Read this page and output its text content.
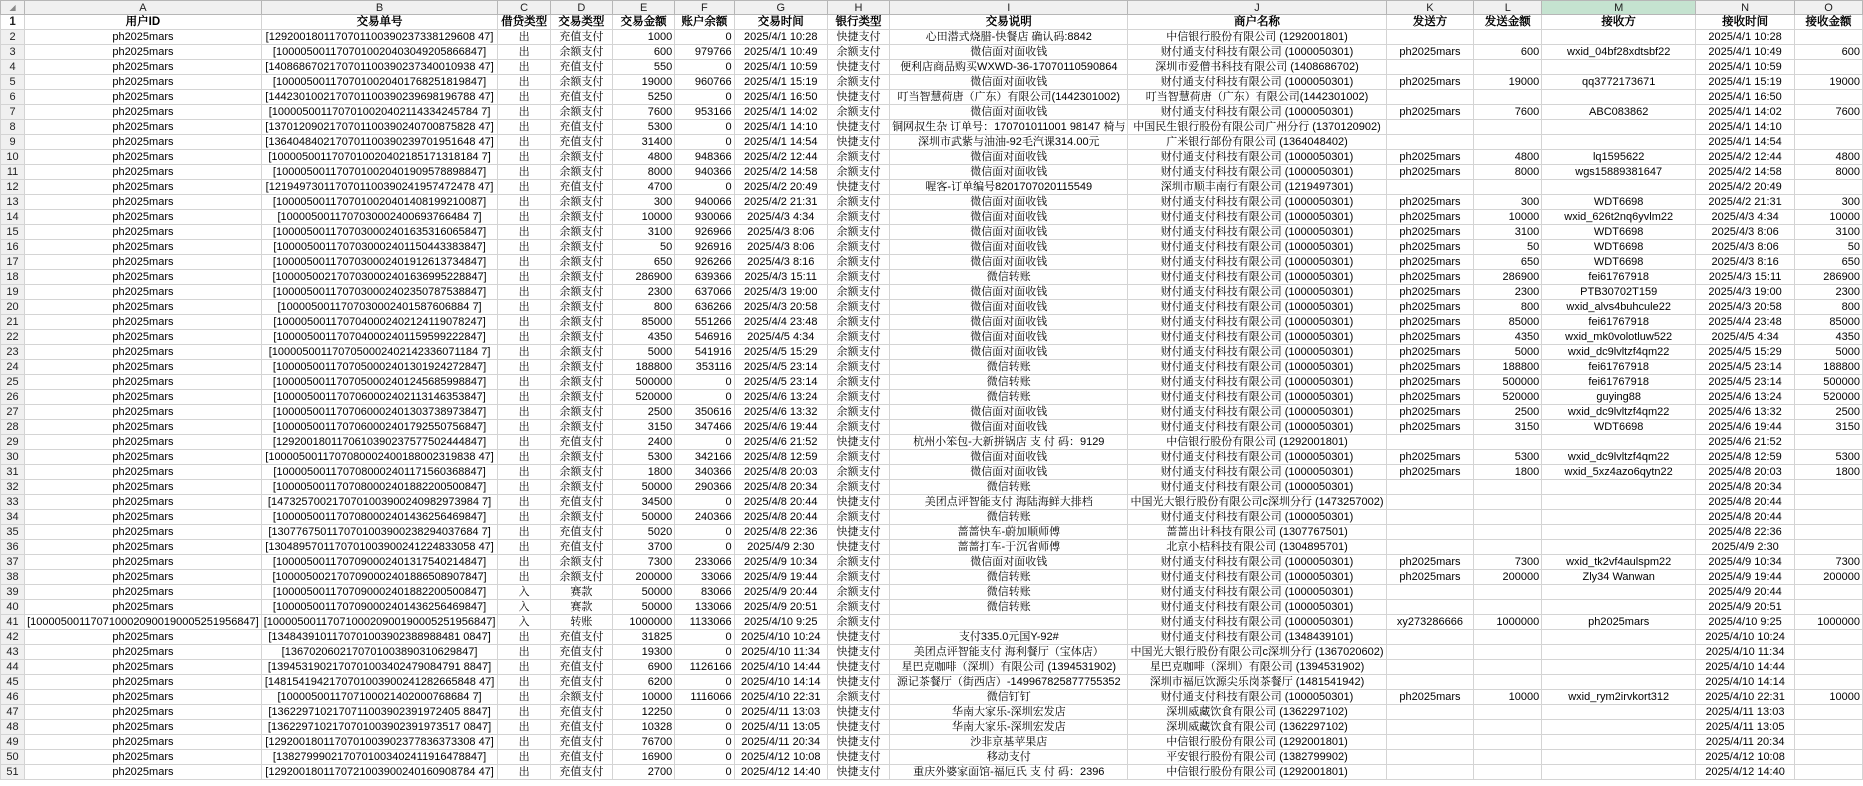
◢	A	B	C	D	E	F	G	H	I	J	K	L	M	N	O
1	用户ID	交易单号	借贷类型	交易类型	交易金额	账户余额	交易时间	银行类型	交易说明	商户名称	发送方	发送金额	接收方	接收时间	接收金额
2	ph2025mars	[1292001801170701100390237338129608 47]	出	充值支付	1000	0	2025/4/1 10:28	快捷支付	心田潜式烧腊-快餐店 确认码:8842	中信银行股份有限公司 (1292001801)				2025/4/1 10:28	
3	ph2025mars	[1000050011707010020403049205866847]	出	余额支付	600	979766	2025/4/1 10:49	余额支付	微信面对面收钱	财付通支付科技有限公司 (1000050301)	ph2025mars	600	wxid_04bf28xdtsbf22	2025/4/1 10:49	600
4	ph2025mars	[1408686702170701100390237340010938 47]	出	充值支付	550	0	2025/4/1 10:59	快捷支付	便利店商品购买WXWD-36-17070110590864	深圳市爱僧书科技有限公司 (1408686702)				2025/4/1 10:59	
5	ph2025mars	[1000050011707010020401768251819847]	出	余额支付	19000	960766	2025/4/1 15:19	余额支付	微信面对面收钱	财付通支付科技有限公司 (1000050301)	ph2025mars	19000	qq3772173671	2025/4/1 15:19	19000
6	ph2025mars	[1442301002170701100390239698196788 47]	出	充值支付	5250	0	2025/4/1 16:50	快捷支付	叮当智慧荷唐（广东）有限公司(1442301002)	叮当智慧荷唐（广东）有限公司(1442301002)				2025/4/1 16:50	
7	ph2025mars	[1000050011707010020402114334245784 7]	出	余额支付	7600	953166	2025/4/1 14:02	余额支付	微信面对面收钱	财付通支付科技有限公司 (1000050301)	ph2025mars	7600	ABC083862	2025/4/1 14:02	7600
8	ph2025mars	[1370120902170701100390240700875828 47]	出	充值支付	5300	0	2025/4/1 14:10	快捷支付	铜网叔生杂 订单号：170701011001 98147 椅与	中国民生银行股份有限公司广州分行 (1370120902)				2025/4/1 14:10	
9	ph2025mars	[1364048402170701100390239701951648 47]	出	充值支付	31400	0	2025/4/1 14:54	快捷支付	深圳市武紫与油油-92毛汽课314.00元	广米银行部份有限公司 (1364048402)				2025/4/1 14:54	
10	ph2025mars	[1000050011707010020402185171318184 7]	出	余额支付	4800	948366	2025/4/2 12:44	余额支付	微信面对面收钱	财付通支付科技有限公司 (1000050301)	ph2025mars	4800	lq1595622	2025/4/2 12:44	4800
11	ph2025mars	[1000050011707010020401909578898847]	出	余额支付	8000	940366	2025/4/2 14:58	余额支付	微信面对面收钱	财付通支付科技有限公司 (1000050301)	ph2025mars	8000	wgs15889381647	2025/4/2 14:58	8000
12	ph2025mars	[1219497301170701100390241957472478 47]	出	充值支付	4700	0	2025/4/2 20:49	快捷支付	喔客-订单编号8201707020115549	深圳市顺丰南行有限公司 (1219497301)				2025/4/2 20:49	
13	ph2025mars	[1000050011707010020401408199210087]	出	余额支付	300	940066	2025/4/2 21:31	余额支付	微信面对面收钱	财付通支付科技有限公司 (1000050301)	ph2025mars	300	WDT6698	2025/4/2 21:31	300
14	ph2025mars	[1000050011707030002400693766484 7]	出	余额支付	10000	930066	2025/4/3 4:34	余额支付	微信面对面收钱	财付通支付科技有限公司 (1000050301)	ph2025mars	10000	wxid_626t2nq6yvlm22	2025/4/3 4:34	10000
15	ph2025mars	[1000050011707030002401635316065847]	出	余额支付	3100	926966	2025/4/3 8:06	余额支付	微信面对面收钱	财付通支付科技有限公司 (1000050301)	ph2025mars	3100	WDT6698	2025/4/3 8:06	3100
16	ph2025mars	[1000050011707030002401150443383847]	出	余额支付	50	926916	2025/4/3 8:06	余额支付	微信面对面收钱	财付通支付科技有限公司 (1000050301)	ph2025mars	50	WDT6698	2025/4/3 8:06	50
17	ph2025mars	[1000050011707030002401912613734847]	出	余额支付	650	926266	2025/4/3 8:16	余额支付	微信面对面收钱	财付通支付科技有限公司 (1000050301)	ph2025mars	650	WDT6698	2025/4/3 8:16	650
18	ph2025mars	[1000050021707030002401636995228847]	出	余额支付	286900	639366	2025/4/3 15:11	余额支付	微信转账	财付通支付科技有限公司 (1000050301)	ph2025mars	286900	fei61767918	2025/4/3 15:11	286900
19	ph2025mars	[1000050011707030002402350787538847]	出	余额支付	2300	637066	2025/4/3 19:00	余额支付	微信面对面收钱	财付通支付科技有限公司 (1000050301)	ph2025mars	2300	PTB30702T159	2025/4/3 19:00	2300
20	ph2025mars	[1000050011707030002401587606884 7]	出	余额支付	800	636266	2025/4/3 20:58	余额支付	微信面对面收钱	财付通支付科技有限公司 (1000050301)	ph2025mars	800	wxid_alvs4buhcule22	2025/4/3 20:58	800
21	ph2025mars	[1000050011707040002402124119078247]	出	余额支付	85000	551266	2025/4/4 23:48	余额支付	微信面对面收钱	财付通支付科技有限公司 (1000050301)	ph2025mars	85000	fei61767918	2025/4/4 23:48	85000
22	ph2025mars	[1000050011707040002401159599222847]	出	余额支付	4350	546916	2025/4/5 4:34	余额支付	微信面对面收钱	财付通支付科技有限公司 (1000050301)	ph2025mars	4350	wxid_mk0volotluw522	2025/4/5 4:34	4350
23	ph2025mars	[1000050011707050002402142336071184 7]	出	余额支付	5000	541916	2025/4/5 15:29	余额支付	微信面对面收钱	财付通支付科技有限公司 (1000050301)	ph2025mars	5000	wxid_dc9lvltzf4qm22	2025/4/5 15:29	5000
24	ph2025mars	[1000050011707050002401301924272847]	出	余额支付	188800	353116	2025/4/5 23:14	余额支付	微信转账	财付通支付科技有限公司 (1000050301)	ph2025mars	188800	fei61767918	2025/4/5 23:14	188800
25	ph2025mars	[1000050011707050002401245685998847]	出	余额支付	500000	0	2025/4/5 23:14	余额支付	微信转账	财付通支付科技有限公司 (1000050301)	ph2025mars	500000	fei61767918	2025/4/5 23:14	500000
26	ph2025mars	[1000050011707060002402113146353847]	出	余额支付	520000	0	2025/4/6 13:24	余额支付	微信转账	财付通支付科技有限公司 (1000050301)	ph2025mars	520000	guying88	2025/4/6 13:24	520000
27	ph2025mars	[1000050011707060002401303738973847]	出	余额支付	2500	350616	2025/4/6 13:32	余额支付	微信面对面收钱	财付通支付科技有限公司 (1000050301)	ph2025mars	2500	wxid_dc9lvltzf4qm22	2025/4/6 13:32	2500
28	ph2025mars	[1000050011707060002401792550756847]	出	余额支付	3150	347466	2025/4/6 19:44	余额支付	微信面对面收钱	财付通支付科技有限公司 (1000050301)	ph2025mars	3150	WDT6698	2025/4/6 19:44	3150
29	ph2025mars	[1292001801170610390237577502444847]	出	充值支付	2400	0	2025/4/6 21:52	快捷支付	杭州小笨包-大新拼锅店 支 付 码：9129	中信银行股份有限公司 (1292001801)				2025/4/6 21:52	
30	ph2025mars	[1000050011707080002400188002319838 47]	出	余额支付	5300	342166	2025/4/8 12:59	余额支付	微信面对面收钱	财付通支付科技有限公司 (1000050301)	ph2025mars	5300	wxid_dc9lvltzf4qm22	2025/4/8 12:59	5300
31	ph2025mars	[1000050011707080002401171560368847]	出	余额支付	1800	340366	2025/4/8 20:03	余额支付	微信面对面收钱	财付通支付科技有限公司 (1000050301)	ph2025mars	1800	wxid_5xz4azo6qytn22	2025/4/8 20:03	1800
32	ph2025mars	[1000050011707080002401882200500847]	出	余额支付	50000	290366	2025/4/8 20:34	余额支付	微信转账	财付通支付科技有限公司 (1000050301)				2025/4/8 20:34	
33	ph2025mars	[1473257002170701003900240982973984 7]	出	充值支付	34500	0	2025/4/8 20:44	快捷支付	美团点评智能支付 海陆海鲜大排档	中国光大银行股份有限公司c深圳分行 (1473257002)				2025/4/8 20:44	
34	ph2025mars	[1000050011707080002401436256469847]	出	余额支付	50000	240366	2025/4/8 20:44	余额支付	微信转账	财付通支付科技有限公司 (1000050301)				2025/4/8 20:44	
35	ph2025mars	[1307767501170701003900238294037684 7]	出	充值支付	5020	0	2025/4/8 22:36	快捷支付	蔷蔷快车-蔚加顺师傅	蔷蔷出计科技有限公司 (1307767501)				2025/4/8 22:36	
36	ph2025mars	[1304895701170701003900241224833058 47]	出	充值支付	3700	0	2025/4/9 2:30	快捷支付	蔷蔷打车-于沉省师傅	北京小桔科技有限公司 (1304895701)				2025/4/9 2:30	
37	ph2025mars	[1000050011707090002401317540214847]	出	余额支付	7300	233066	2025/4/9 10:34	余额支付	微信面对面收钱	财付通支付科技有限公司 (1000050301)	ph2025mars	7300	wxid_tk2vf4aulspm22	2025/4/9 10:34	7300
38	ph2025mars	[1000050021707090002401886508907847]	出	余额支付	200000	33066	2025/4/9 19:44	余额支付	微信转账	财付通支付科技有限公司 (1000050301)	ph2025mars	200000	Zly34 Wanwan	2025/4/9 19:44	200000
39	ph2025mars	[1000050011707090002401882200500847]	入	赛款	50000	83066	2025/4/9 20:44	余额支付	微信转账	财付通支付科技有限公司 (1000050301)				2025/4/9 20:44	
40	ph2025mars	[1000050011707090002401436256469847]	入	赛款	50000	133066	2025/4/9 20:51	余额支付	微信转账	财付通支付科技有限公司 (1000050301)				2025/4/9 20:51	
41	[1000050011707100020900190005251956847]	[1000050011707100020900190005251956847]	入	转账	1000000	1133066	2025/4/10 9:25	余额支付		财付通支付科技有限公司 (1000050301)	xy273286666	1000000	ph2025mars	2025/4/10 9:25	1000000
42	ph2025mars	[1348439101170701003902388988481 0847]	出	充值支付	31825	0	2025/4/10 10:24	快捷支付	支付335.0元国Y-92#	财付通支付科技有限公司 (1348439101)				2025/4/10 10:24	
43	ph2025mars	[1367020602170701003890310629847]	出	充值支付	19300	0	2025/4/10 11:34	快捷支付	美团点评智能支付 海利餐厅（宝体店）	中国光大银行股份有限公司c深圳分行 (1367020602)				2025/4/10 11:34	
44	ph2025mars	[1394531902170701003402479084791 8847]	出	充值支付	6900	1126166	2025/4/10 14:44	快捷支付	星巴克咖啡（深圳）有限公司 (1394531902)	星巴克咖啡（深圳）有限公司 (1394531902)				2025/4/10 14:44	
45	ph2025mars	[1481541942170701003900241282665848 47]	出	充值支付	6200	0	2025/4/10 14:14	快捷支付	源记茶餐厅（街西店）-149967825877755352	深圳市福厄饮源尖乐岗茶餐厅 (1481541942)				2025/4/10 14:14	
46	ph2025mars	[1000050011707100021402000768684 7]	出	余额支付	10000	1116066	2025/4/10 22:31	余额支付	微信钉钉	财付通支付科技有限公司 (1000050301)	ph2025mars	10000	wxid_rym2irvkort312	2025/4/10 22:31	10000
47	ph2025mars	[1362297102170711003902391972405 8847]	出	充值支付	12250	0	2025/4/11 13:03	快捷支付	华南大家乐-深圳宏发店	深圳威藏饮食有限公司 (1362297102)				2025/4/11 13:03	
48	ph2025mars	[1362297102170701003902391973517 0847]	出	充值支付	10328	0	2025/4/11 13:05	快捷支付	华南大家乐-深圳宏发店	深圳威藏饮食有限公司 (1362297102)				2025/4/11 13:05	
49	ph2025mars	[1292001801170701003902377836373308 47]	出	充值支付	76700	0	2025/4/11 20:34	快捷支付	沙非京基苹果店	中信银行股份有限公司 (1292001801)				2025/4/11 20:34	
50	ph2025mars	[1382799902170701003402411916478847]	出	充值支付	16900	0	2025/4/12 10:08	快捷支付	移动支付	平安银行股份有限公司 (1382799902)				2025/4/12 10:08	
51	ph2025mars	[1292001801170721003900240160908784 47]	出	充值支付	2700	0	2025/4/12 14:40	快捷支付	重庆外婆家面馆-福厄氏 支 付 码：2396	中信银行股份有限公司 (1292001801)				2025/4/12 14:40	
